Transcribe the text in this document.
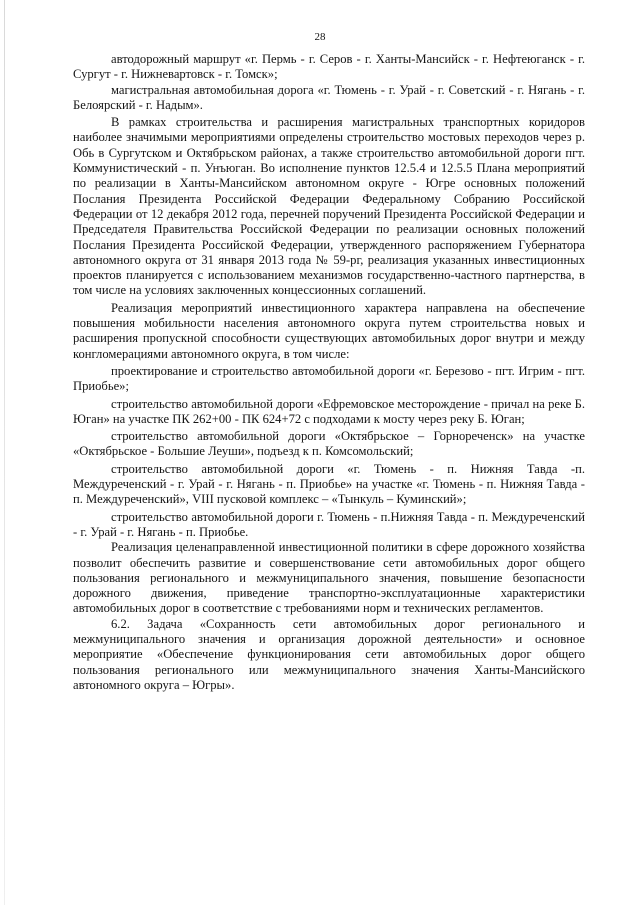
28

автодорожный маршрут «г. Пермь - г. Серов - г. Ханты-Мансийск - г. Нефтеюганск - г. Сургут - г. Нижневартовск - г. Томск»;

магистральная автомобильная дорога «г. Тюмень - г. Урай - г. Советский - г. Нягань - г. Белоярский - г. Надым».

В рамках строительства и расширения магистральных транспортных коридоров наиболее значимыми мероприятиями определены строительство мостовых переходов через р. Обь в Сургутском и Октябрьском районах, а также строительство автомобильной дороги пгт. Коммунистический - п. Унъюган. Во исполнение пунктов 12.5.4 и 12.5.5 Плана мероприятий по реализации в Ханты-Мансийском автономном округе - Югре основных положений Послания Президента Российской Федерации Федеральному Собранию Российской Федерации от 12 декабря 2012 года, перечней поручений Президента Российской Федерации и Председателя Правительства Российской Федерации по реализации основных положений Послания Президента Российской Федерации, утвержденного распоряжением Губернатора автономного округа от 31 января 2013 года № 59-рг, реализация указанных инвестиционных проектов планируется с использованием механизмов государственно-частного партнерства, в том числе на условиях заключенных концессионных соглашений.

Реализация мероприятий инвестиционного характера направлена на обеспечение повышения мобильности населения автономного округа путем строительства новых и расширения пропускной способности существующих автомобильных дорог внутри и между конгломерациями автономного округа, в том числе:

проектирование и строительство автомобильной дороги «г. Березово - пгт. Игрим - пгт. Приобье»;

строительство автомобильной дороги «Ефремовское месторождение - причал на реке Б. Юган» на участке ПК 262+00 - ПК 624+72 с подходами к мосту через реку Б. Юган;

строительство автомобильной дороги «Октябрьское – Горнореченск» на участке «Октябрьское - Большие Леуши», подъезд к п. Комсомольский;

строительство автомобильной дороги «г. Тюмень - п. Нижняя Тавда -п. Междуреченский - г. Урай - г. Нягань - п. Приобье» на участке «г. Тюмень - п. Нижняя Тавда - п. Междуреченский», VIII пусковой комплекс – «Тынкуль – Куминский»;

строительство автомобильной дороги г. Тюмень - п.Нижняя Тавда - п. Междуреченский - г. Урай - г. Нягань - п. Приобье.

Реализация целенаправленной инвестиционной политики в сфере дорожного хозяйства позволит обеспечить развитие и совершенствование сети автомобильных дорог общего пользования регионального и межмуниципального значения, повышение безопасности дорожного движения, приведение транспортно-эксплуатационные характеристики автомобильных дорог в соответствие с требованиями норм и технических регламентов.

6.2. Задача «Сохранность сети автомобильных дорог регионального и межмуниципального значения и организация дорожной деятельности» и основное мероприятие «Обеспечение функционирования сети автомобильных дорог общего пользования регионального или межмуниципального значения Ханты-Мансийского автономного округа – Югры».
